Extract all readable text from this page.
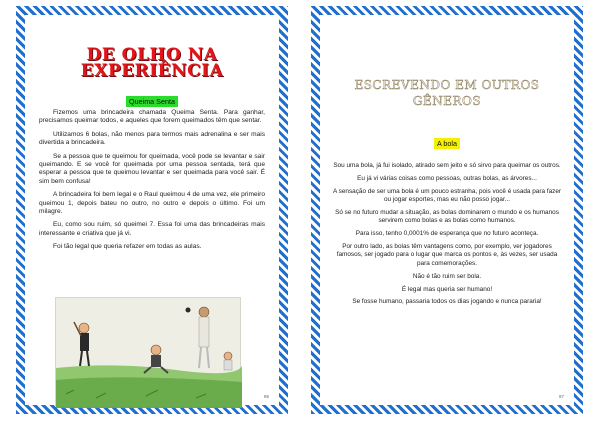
DE OLHO NA
EXPERIÊNCIA
Queima Senta

Fizemos uma brincadeira chamada Queima Senta. Para ganhar, precisamos queimar todos, e aqueles que forem queimados têm que sentar.

Utilizamos 6 bolas, não menos para termos mais adrenalina e ser mais divertida a brincadeira.

Se a pessoa que te queimou for queimada, você pode se levantar e sair queimando. E se você for queimada por uma pessoa sentada, terá que esperar a pessoa que te queimou levantar e ser queimada para você sair. É sim bem confusa!

A brincadeira foi bem legal e o Raul queimou 4 de uma vez, ele primeiro queimou 1, depois bateu no outro, no outro e depois o último. Foi um milagre.

Eu, como sou ruim, só queimei 7. Essa foi uma das brincadeiras mais interessante e criativa que já vi.

Foi tão legal que queria refazer em todas as aulas.

86
ESCREVENDO EM OUTROS
GÊNEROS
A bola

Sou uma bola, já fui isolado, atirado sem jeito e só sirvo para queimar os outros.

Eu já vi várias coisas como pessoas, outras bolas, as árvores...

A sensação de ser uma bola é um pouco estranha, pois você é usada para fazer ou jogar esportes, mas eu não posso jogar...

Só se no futuro mudar a situação, as bolas dominarem o mundo e os humanos servirem como bolas e as bolas como humanos.

Para isso, tenho 0,0001% de esperança que no futuro aconteça.

Por outro lado, as bolas têm vantagens como, por exemplo, ver jogadores famosos, ser jogado para o lugar que marca os pontos e, às vezes, ser usada para comemorações.

Não é tão ruim ser bola.

É legal mas queria ser humano!

Se fosse humano, passaria todos os dias jogando e nunca pararia!

87
